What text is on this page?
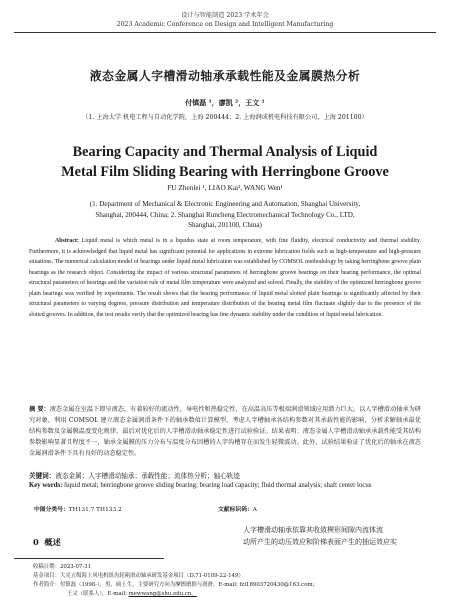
设计与智能制造 2023 学术年会
2023 Academic Conference on Design and Intelligent Manufacturing
液态金属人字槽滑动轴承承载性能及金属膜热分析
付镇磊 ¹，廖凯 ²，王文 ¹
（1. 上海大学 机电工程与自动化学院，上海 200444；2. 上海润成机电科技有限公司，上海 201100）
Bearing Capacity and Thermal Analysis of Liquid
Metal Film Sliding Bearing with Herringbone Groove
FU Zhenlei ¹, LIAO Kai², WANG Wen¹
(1. Department of Mechanical & Electronic Engineering and Automation, Shanghai University,
Shanghai, 200444, China; 2. Shanghai Runcheng Electromechanical Technology Co., LTD,
Shanghai, 201100, China)
Abstract: Liquid metal is which metal is in a liquidus state at room temperature, with fine fluidity, electrical conductivity and thermal stability. Furthermore, it is acknowledged that liquid metal has significant potential for applications in extreme lubrication fields such as high-temperature and high-pressure situations. The numerical calculation model of bearings under liquid metal lubrication was established by COMSOL methodology by taking herringbone groove plain bearings as the research object. Considering the impact of various structural parameters of herringbone groove bearings on their bearing performance, the optimal structural parameters of bearings and the variation rule of metal film temperature were analyzed and solved. Finally, the stability of the optimized herringbone groove plain bearings was verified by experiments. The result shows that the bearing performance of liquid metal slotted plain bearings is significantly affected by their structural parameters to varying degrees, pressure distribution and temperature distribution of the bearing metal film fluctuate slightly due to the presence of the slotted grooves. In addition, the test results verify that the optimized bearing has fine dynamic stability under the condition of liquid metal lubrication.
摘 要：液态金属在室温下即呈液态，有着较好的流动性、导电性和热稳定性，在高温高压等极端润滑领域应用潜力巨大。以人字槽滑动轴承为研究对象，利用 COMSOL 建立液态金属润滑条件下的轴承数值计算模型，考虑人字槽轴承各结构参数对其承载性能的影响，分析求解轴承最优结构参数及金属膜温度变化规律，最后对优化后的人字槽滑动轴承稳定性进行试验验证。结果表明：液态金属人字槽滑动轴承承载性能受其结构参数影响显著且程度不一，轴承金属膜的压力分布与温度分布因槽的人字沟槽存在而发生轻微波动。此外，试验结果验证了优化后的轴承在液态金属润滑条件下具有良好的动态稳定性。
关键词：液态金属；人字槽滑动轴承；承载性能；流体热分析；轴心轨迹
Key words: liquid metal; herringbone groove sliding bearing; bearing load capacity; fluid thermal analysis; shaft center locus
中图分类号：TH131.7 TH133.2	文献标识码：A
0 概述
人字槽滑动轴承依靠其收敛楔形间隙内流体流
动所产生的动压效应和阶梯表面产生的抽运效应实
收稿日期：2023-07-31
基金项目：大亮五级海上风电机组齿轮箱滑动轴承研发基金项目（D.71-0109-22-149）
作者简介：付镇磊（1998-），男，硕士生，主要研究方向为摩擦磨损与润滑。E-mail: fzl18903720430@163.com；
王文（联系人），E-mail: mewwang@shu.edu.cn。
